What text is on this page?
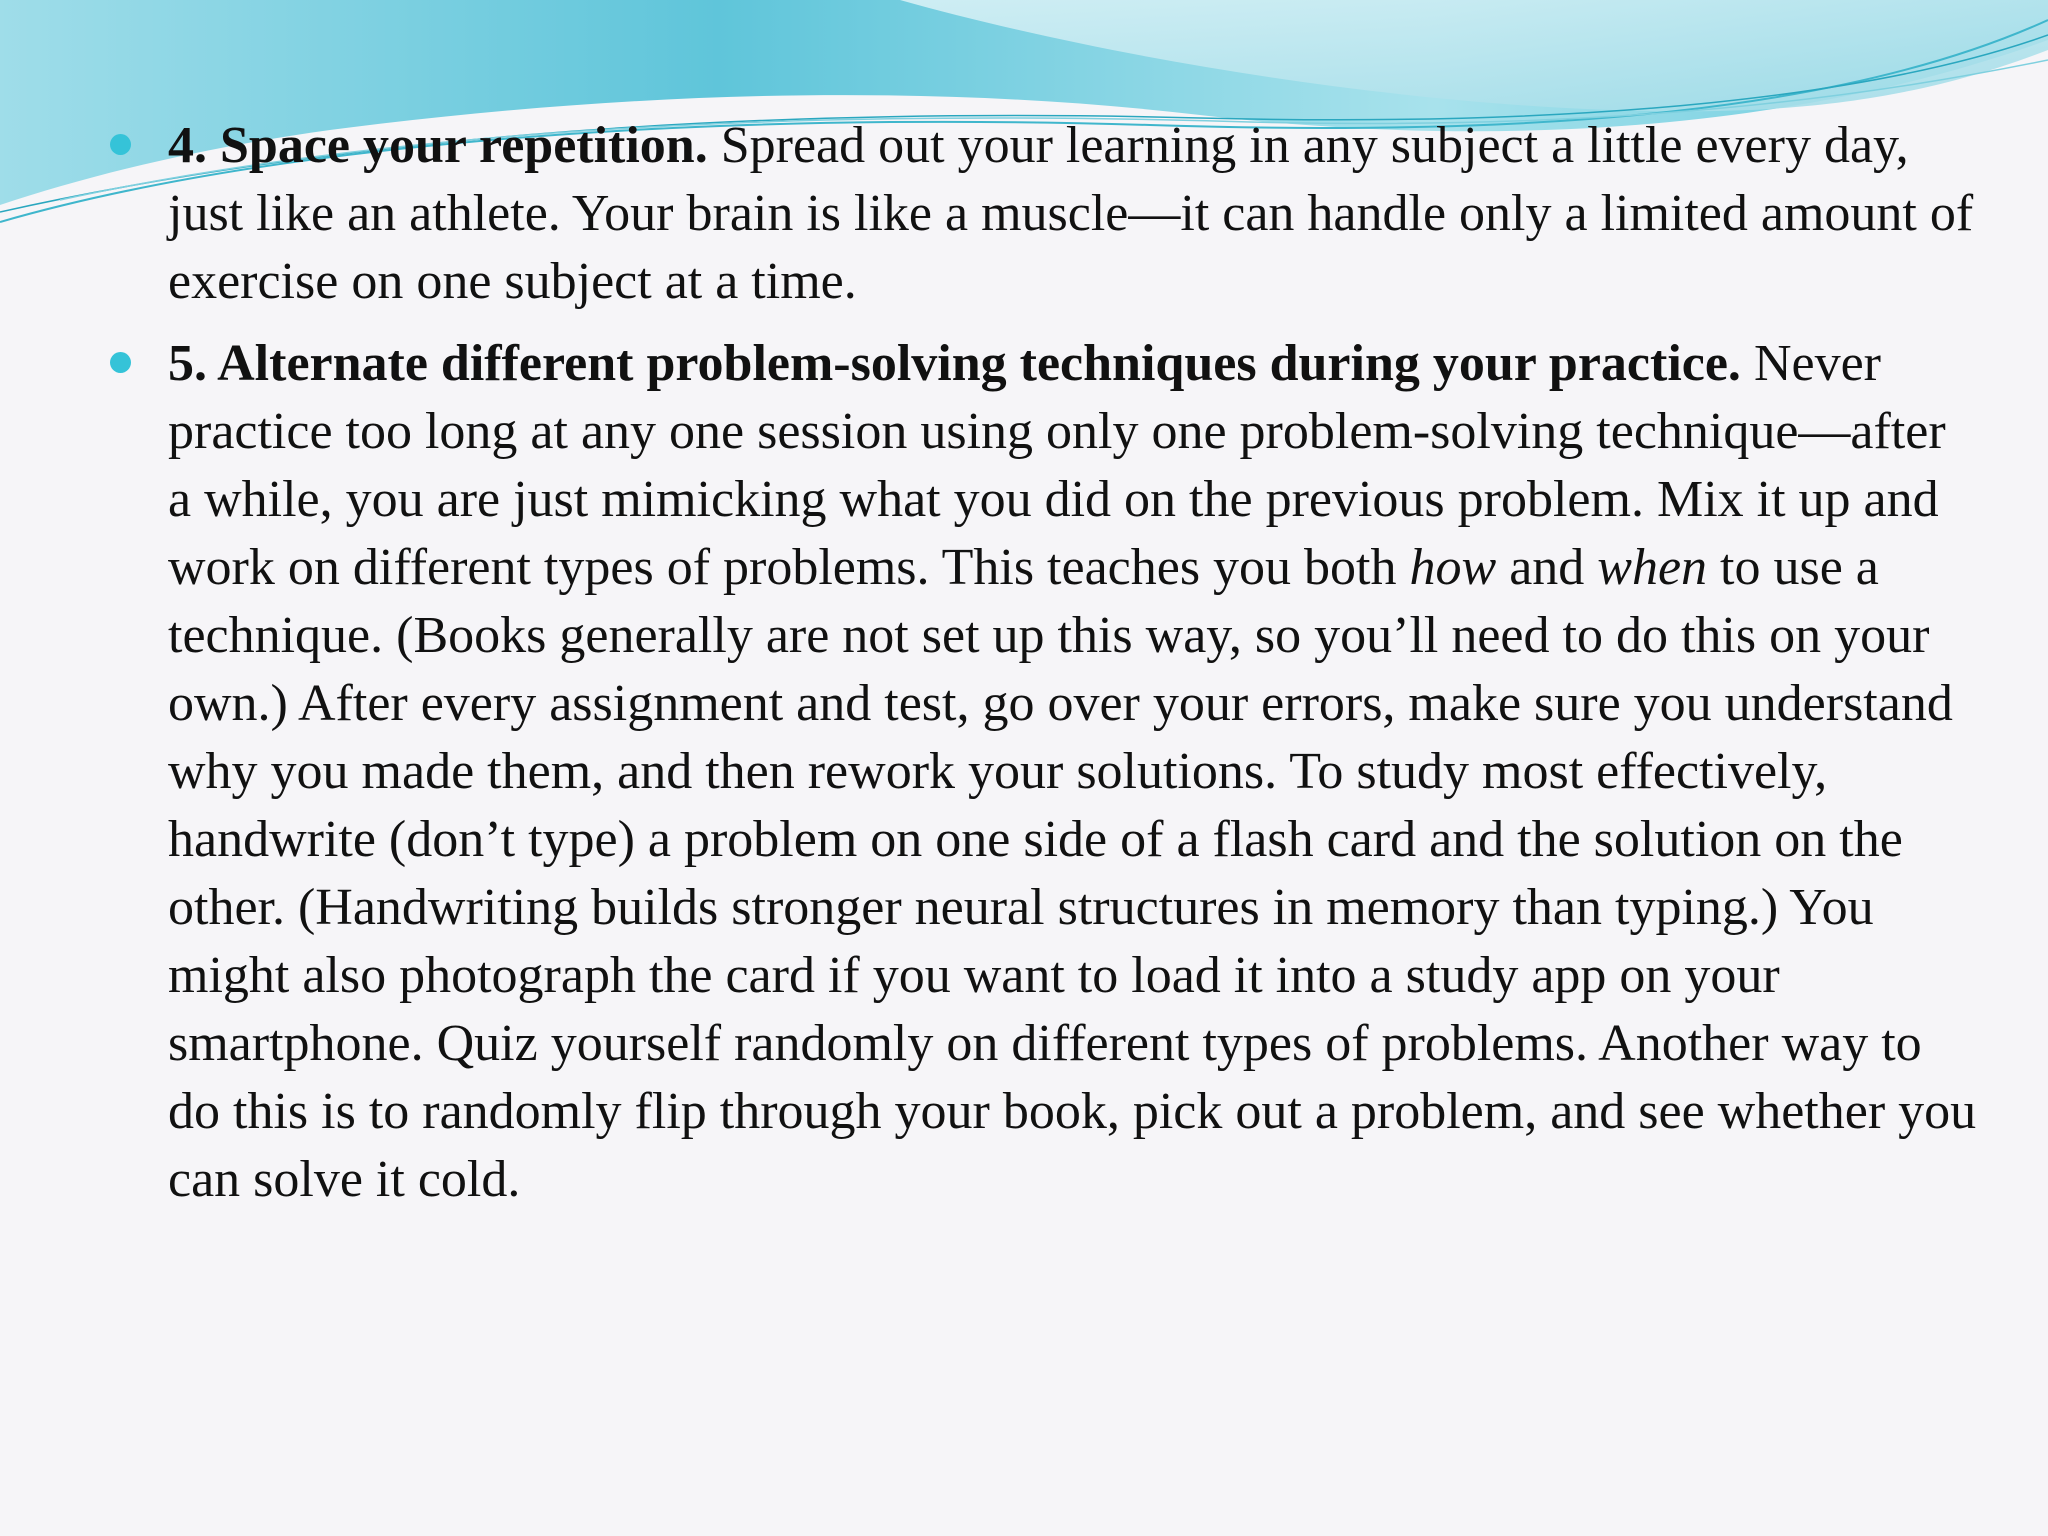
4. Space your repetition. Spread out your learning in any subject a little every day, just like an athlete. Your brain is like a muscle—it can handle only a limited amount of exercise on one subject at a time.
5. Alternate different problem-solving techniques during your practice. Never practice too long at any one session using only one problem-solving technique—after a while, you are just mimicking what you did on the previous problem. Mix it up and work on different types of problems. This teaches you both how and when to use a technique. (Books generally are not set up this way, so you’ll need to do this on your own.) After every assignment and test, go over your errors, make sure you understand why you made them, and then rework your solutions. To study most effectively, handwrite (don’t type) a problem on one side of a flash card and the solution on the other. (Handwriting builds stronger neural structures in memory than typing.) You might also photograph the card if you want to load it into a study app on your smartphone. Quiz yourself randomly on different types of problems. Another way to do this is to randomly flip through your book, pick out a problem, and see whether you can solve it cold.
